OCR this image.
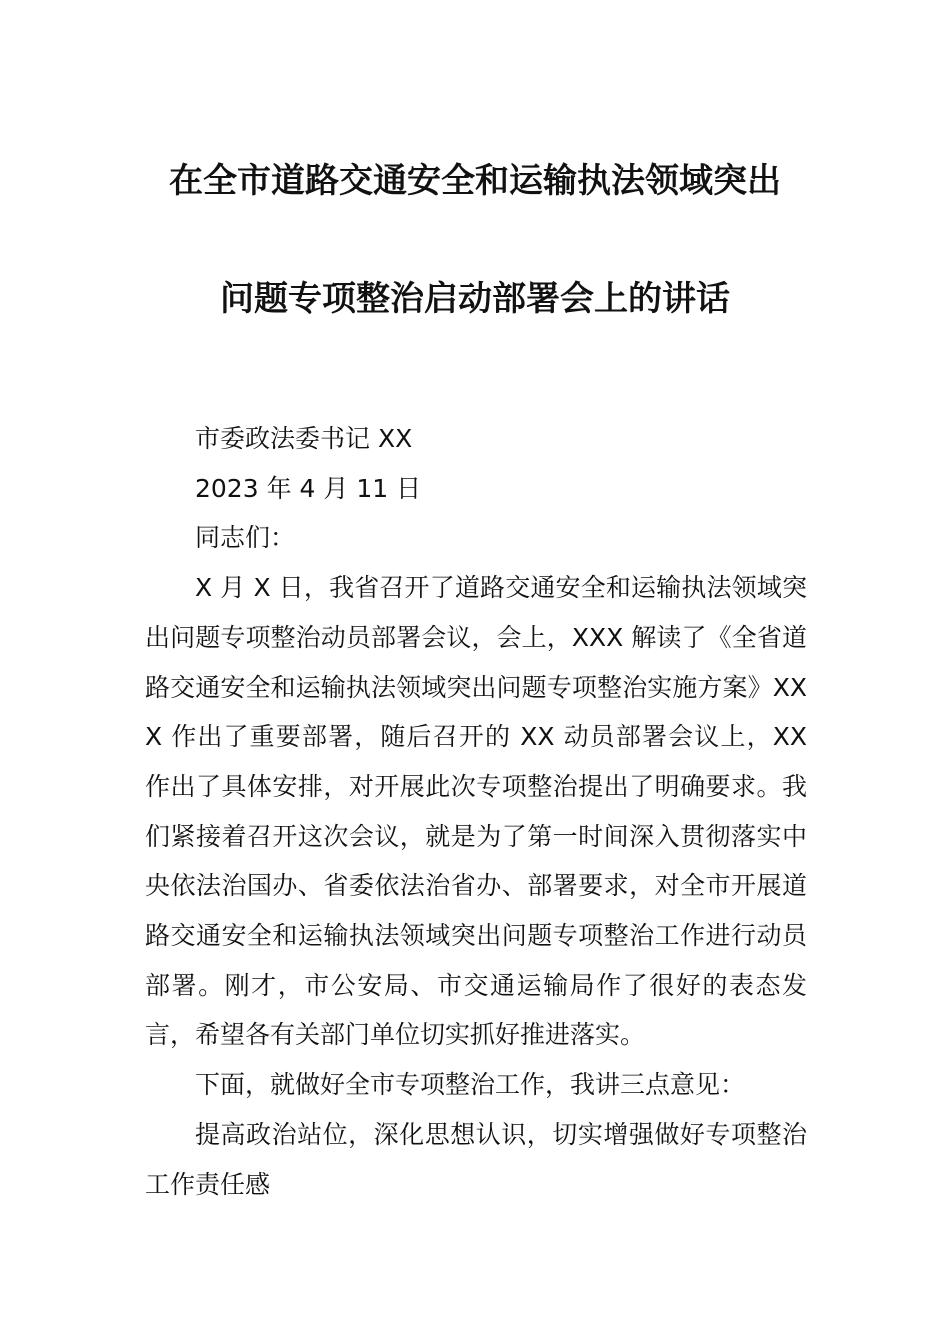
在全市道路交通安全和运输执法领域突出
问题专项整治启动部署会上的讲话

市委政法委书记 XX

2023 年 4 月 11 日

同志们：

X 月 X 日，我省召开了道路交通安全和运输执法领域突出问题专项整治动员部署会议，会上，XXX 解读了《全省道路交通安全和运输执法领域突出问题专项整治实施方案》XXX 作出了重要部署，随后召开的 XX 动员部署会议上，XX 作出了具体安排，对开展此次专项整治提出了明确要求。我们紧接着召开这次会议，就是为了第一时间深入贯彻落实中央依法治国办、省委依法治省办、部署要求，对全市开展道路交通安全和运输执法领域突出问题专项整治工作进行动员部署。刚才，市公安局、市交通运输局作了很好的表态发言，希望各有关部门单位切实抓好推进落实。

下面，就做好全市专项整治工作，我讲三点意见：

提高政治站位，深化思想认识，切实增强做好专项整治工作责任感
